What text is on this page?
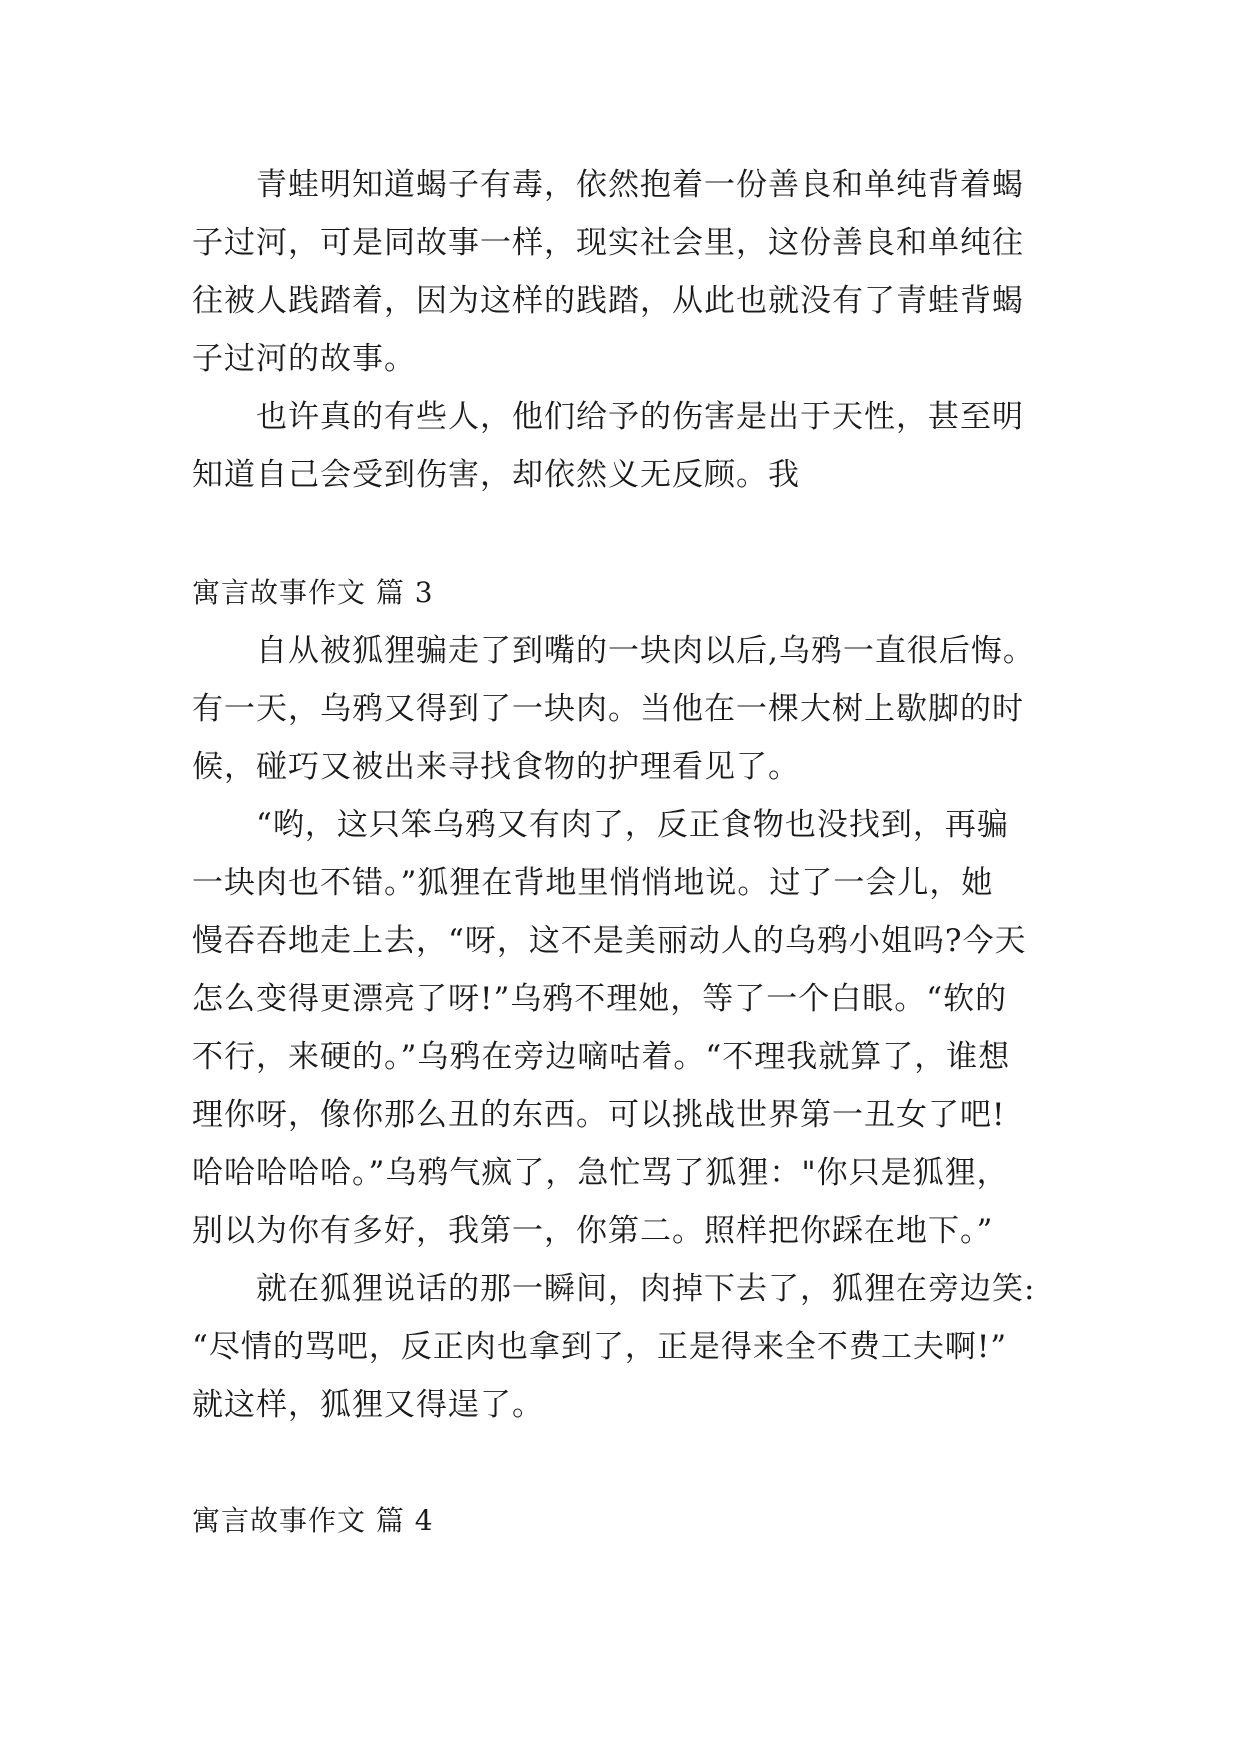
　　青蛙明知道蝎子有毒，依然抱着一份善良和单纯背着蝎
子过河，可是同故事一样，现实社会里，这份善良和单纯往
往被人践踏着，因为这样的践踏，从此也就没有了青蛙背蝎
子过河的故事。
　　也许真的有些人，他们给予的伤害是出于天性，甚至明
知道自己会受到伤害，却依然义无反顾。我
寓言故事作文 篇 3
　　自从被狐狸骗走了到嘴的一块肉以后,乌鸦一直很后悔。
有一天，乌鸦又得到了一块肉。当他在一棵大树上歇脚的时
候，碰巧又被出来寻找食物的护理看见了。
　　“哟，这只笨乌鸦又有肉了，反正食物也没找到，再骗
一块肉也不错。”狐狸在背地里悄悄地说。过了一会儿，她
慢吞吞地走上去，“呀，这不是美丽动人的乌鸦小姐吗?今天
怎么变得更漂亮了呀!”乌鸦不理她，等了一个白眼。“软的
不行，来硬的。”乌鸦在旁边嘀咕着。“不理我就算了，谁想
理你呀，像你那么丑的东西。可以挑战世界第一丑女了吧!
哈哈哈哈哈。”乌鸦气疯了，急忙骂了狐狸："你只是狐狸，
别以为你有多好，我第一，你第二。照样把你踩在地下。”
　　就在狐狸说话的那一瞬间，肉掉下去了，狐狸在旁边笑:
“尽情的骂吧，反正肉也拿到了，正是得来全不费工夫啊!”
就这样，狐狸又得逞了。
寓言故事作文 篇 4
